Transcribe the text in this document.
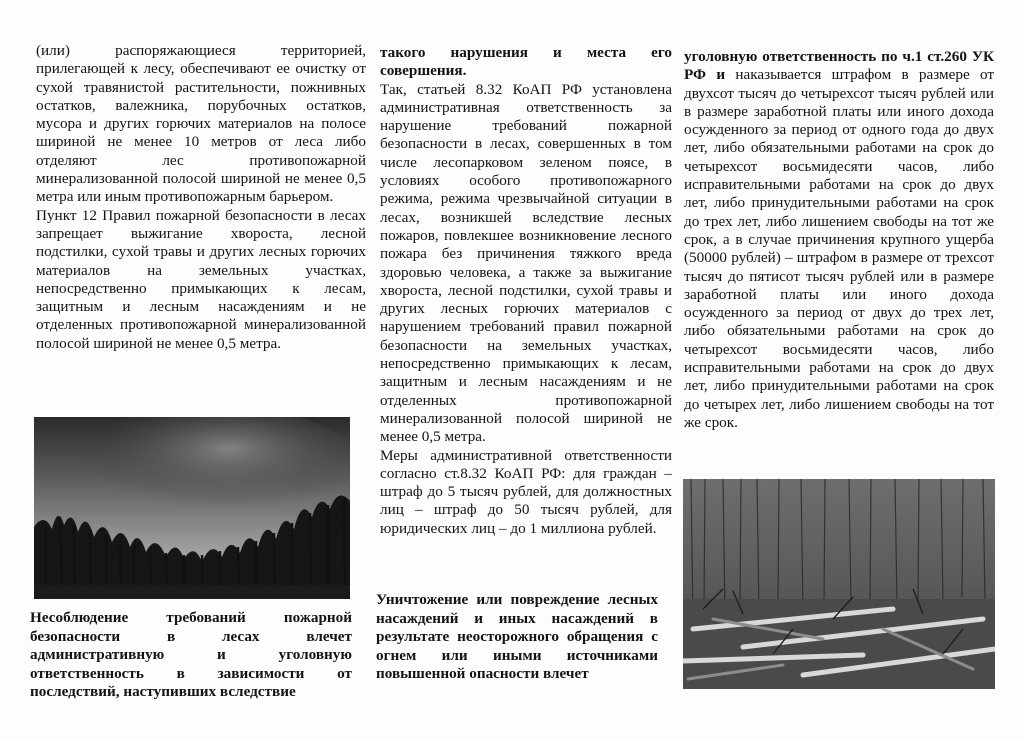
(или) распоряжающиеся территорией, прилегающей к лесу, обеспечивают ее очистку от сухой травянистой растительности, пожнивных остатков, валежника, порубочных остатков, мусора и других горючих материалов на полосе шириной не менее 10 метров от леса либо отделяют лес противопожарной минерализованной полосой шириной не менее 0,5 метра или иным противопожарным барьером.

Пункт 12 Правил пожарной безопасности в лесах запрещает выжигание хвороста, лесной подстилки, сухой травы и других лесных горючих материалов на земельных участках, непосредственно примыкающих к лесам, защитным и лесным насаждениям и не отделенных противопожарной минерализованной полосой шириной не менее 0,5 метра.

Несоблюдение требований пожарной безопасности в лесах влечет административную и уголовную ответственность в зависимости от последствий, наступивших вследствие

такого нарушения и места его совершения.

Так, статьей 8.32 КоАП РФ установлена административная ответственность за нарушение требований пожарной безопасности в лесах, совершенных в том числе лесопарковом зеленом поясе, в условиях особого противопожарного режима, режима чрезвычайной ситуации в лесах, возникшей вследствие лесных пожаров, повлекшее возникновение лесного пожара без причинения тяжкого вреда здоровью человека, а также за выжигание хвороста, лесной подстилки, сухой травы и других лесных горючих материалов с нарушением требований правил пожарной безопасности на земельных участках, непосредственно примыкающих к лесам, защитным и лесным насаждениям и не отделенных противопожарной минерализованной полосой шириной не менее 0,5 метра.

Меры административной ответственности согласно ст.8.32 КоАП РФ: для граждан – штраф до 5 тысяч рублей, для должностных лиц – штраф до 50 тысяч рублей, для юридических лиц – до 1 миллиона рублей.

Уничтожение или повреждение лесных насаждений и иных насаждений в результате неосторожного обращения с огнем или иными источниками повышенной опасности влечет

уголовную ответственность по ч.1 ст.260 УК РФ и наказывается штрафом в размере от двухсот тысяч до четырехсот тысяч рублей или в размере заработной платы или иного дохода осужденного за период от одного года до двух лет, либо обязательными работами на срок до четырехсот восьмидесяти часов, либо исправительными работами на срок до двух лет, либо принудительными работами на срок до трех лет, либо лишением свободы на тот же срок, а в случае причинения крупного ущерба (50000 рублей) – штрафом в размере от трехсот тысяч до пятисот тысяч рублей или в размере заработной платы или иного дохода осужденного за период от двух до трех лет, либо обязательными работами на срок до четырехсот восьмидесяти часов, либо исправительными работами на срок до двух лет, либо принудительными работами на срок до четырех лет, либо лишением свободы на тот же срок.
